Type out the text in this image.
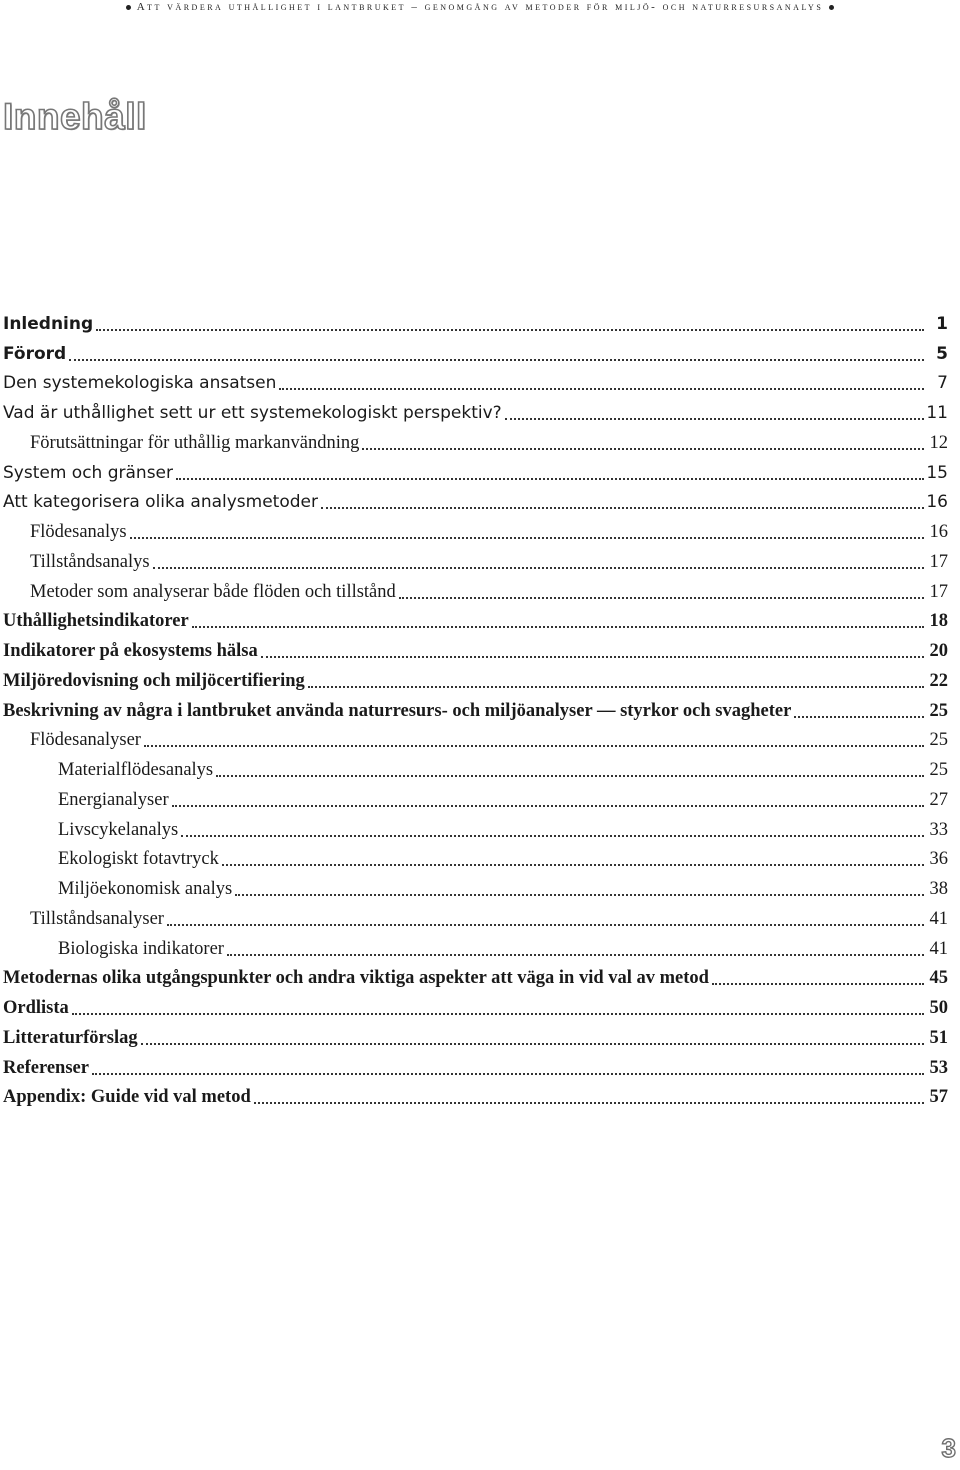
Att värdera uthållighet i lantbruket – genomgång av metoder för miljö- och naturresursanalys
Innehåll
Inledning	1
Förord	5
Den systemekologiska ansatsen	7
Vad är uthållighet sett ur ett systemekologiskt perspektiv?	11
Förutsättningar för uthållig markanvändning	12
System och gränser	15
Att kategorisera olika analysmetoder	16
Flödesanalys	16
Tillståndsanalys	17
Metoder som analyserar både flöden och tillstånd	17
Uthållighetsindikatorer	18
Indikatorer på ekosystems hälsa	20
Miljöredovisning och miljöcertifiering	22
Beskrivning av några i lantbruket använda naturresurs- och miljöanalyser — styrkor och svagheter	25
Flödesanalyser	25
Materialflödesanalys	25
Energianalyser	27
Livscykelanalys	33
Ekologiskt fotavtryck	36
Miljöekonomisk analys	38
Tillståndsanalyser	41
Biologiska indikatorer	41
Metodernas olika utgångspunkter och andra viktiga aspekter att väga in vid val av metod	45
Ordlista	50
Litteraturförslag	51
Referenser	53
Appendix: Guide vid val metod	57
3
